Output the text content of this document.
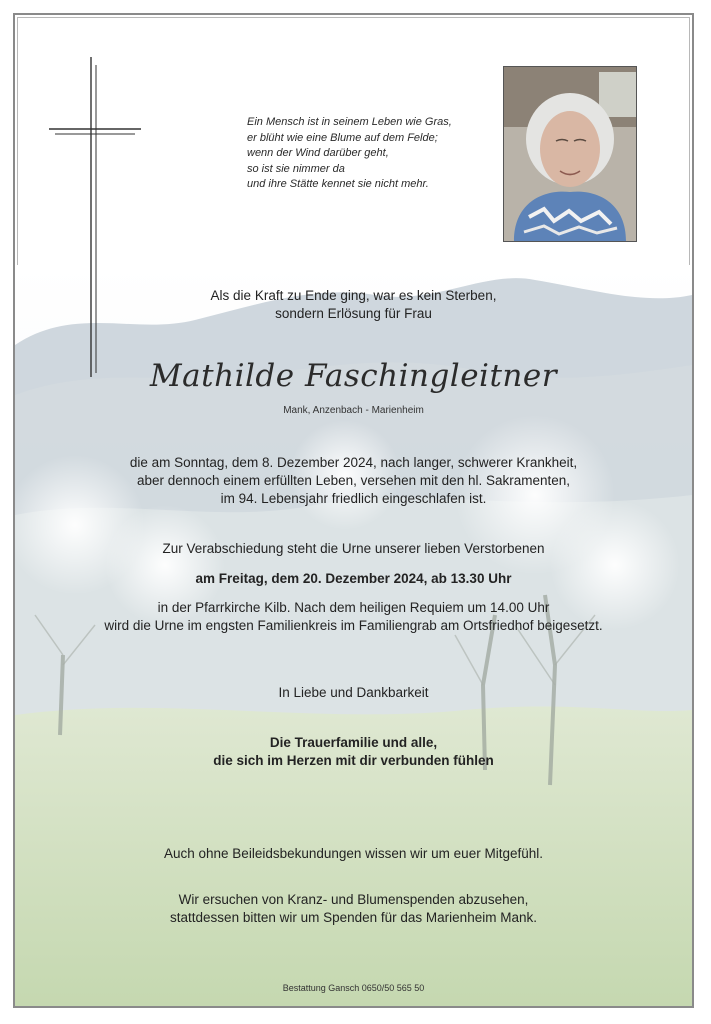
Ein Mensch ist in seinem Leben wie Gras,
er blüht wie eine Blume auf dem Felde;
wenn der Wind darüber geht,
so ist sie nimmer da
und ihre Stätte kennet sie nicht mehr.
Als die Kraft zu Ende ging, war es kein Sterben,
sondern Erlösung für Frau
Mathilde Faschingleitner
Mank, Anzenbach - Marienheim
die am Sonntag, dem 8. Dezember 2024, nach langer, schwerer Krankheit,
aber dennoch einem erfüllten Leben, versehen mit den hl. Sakramenten,
im 94. Lebensjahr friedlich eingeschlafen ist.
Zur Verabschiedung steht die Urne unserer lieben Verstorbenen
am Freitag, dem 20. Dezember 2024, ab 13.30 Uhr
in der Pfarrkirche Kilb. Nach dem heiligen Requiem um 14.00 Uhr
wird die Urne im engsten Familienkreis im Familiengrab am Ortsfriedhof beigesetzt.
In Liebe und Dankbarkeit
Die Trauerfamilie und alle,
die sich im Herzen mit dir verbunden fühlen
Auch ohne Beileidsbekundungen wissen wir um euer Mitgefühl.
Wir ersuchen von Kranz- und Blumenspenden abzusehen,
stattdessen bitten wir um Spenden für das Marienheim Mank.
Bestattung Gansch 0650/50 565 50
